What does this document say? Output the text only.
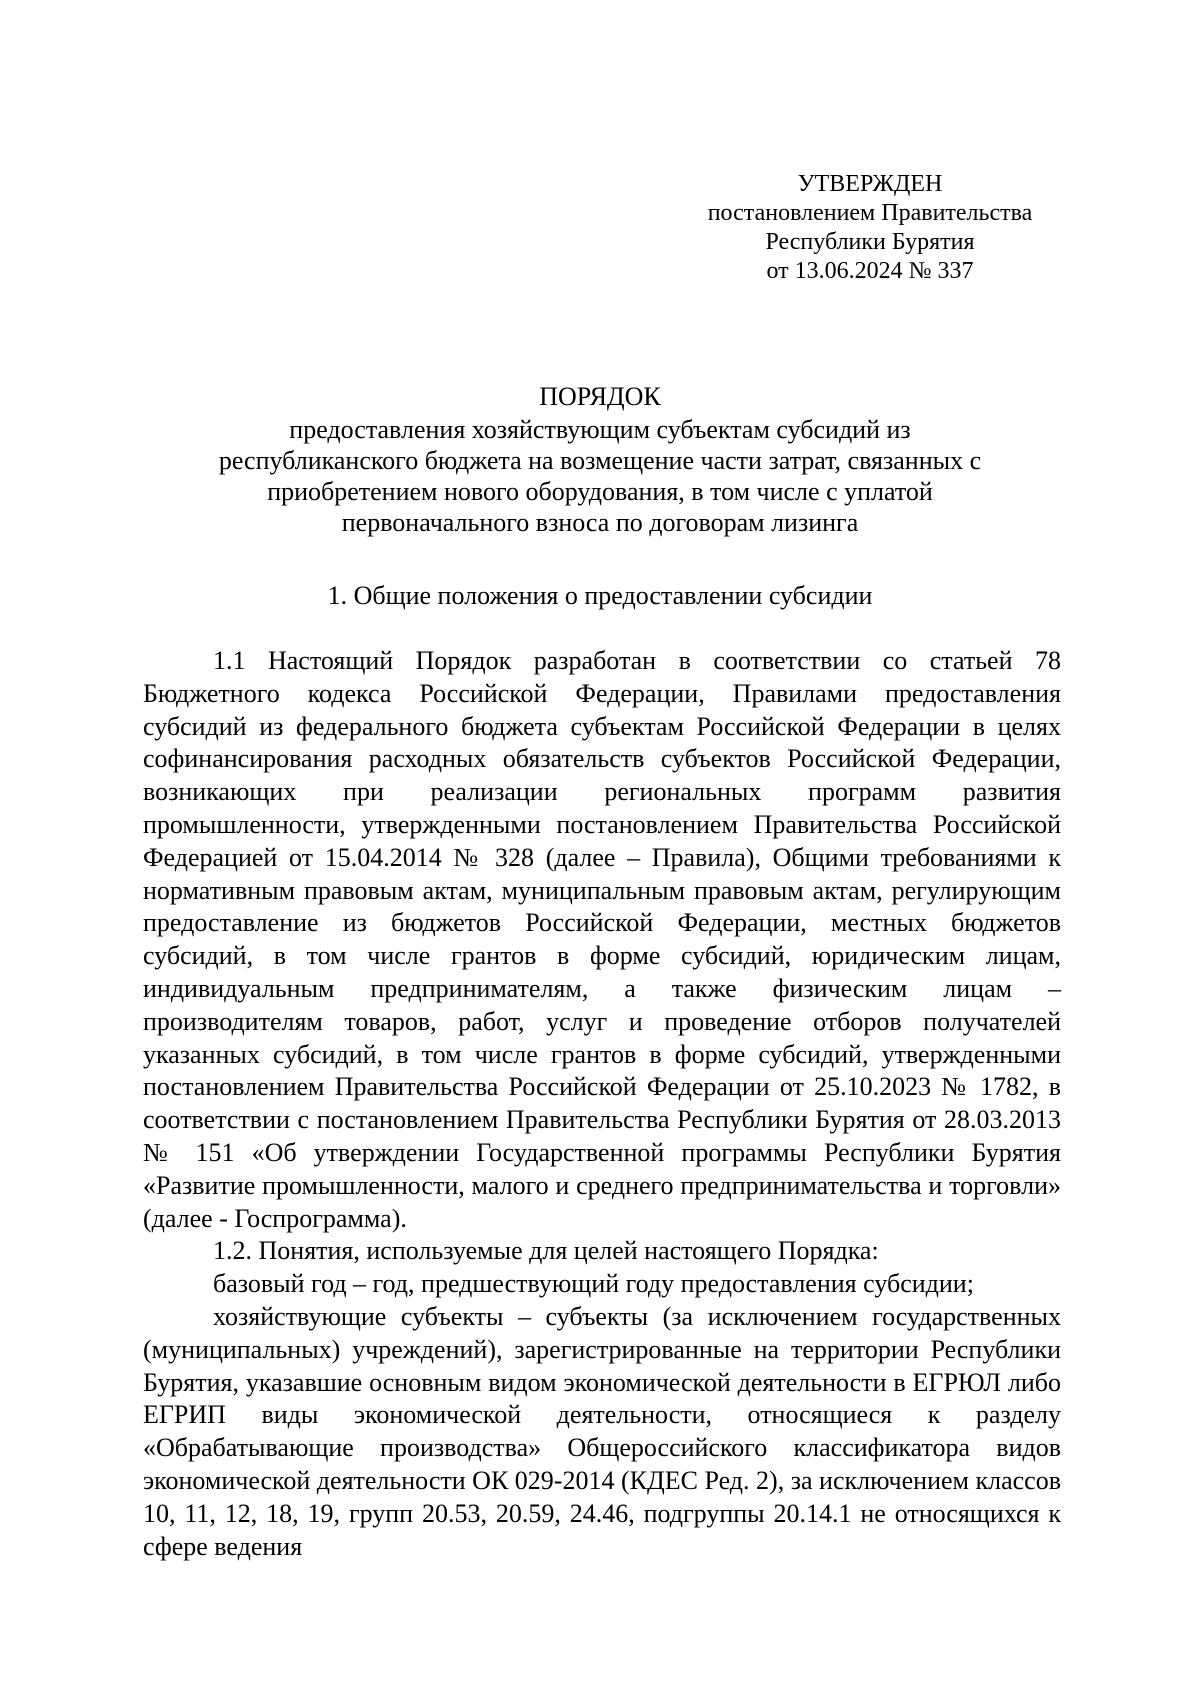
УТВЕРЖДЕН
постановлением Правительства
Республики Бурятия
от 13.06.2024 № 337
ПОРЯДОК
предоставления хозяйствующим субъектам субсидий из
республиканского бюджета на возмещение части затрат, связанных с
приобретением нового оборудования, в том числе с уплатой
первоначального взноса по договорам лизинга
1. Общие положения о предоставлении субсидии

1.1 Настоящий Порядок разработан в соответствии со статьей 78 Бюджетного кодекса Российской Федерации, Правилами предоставления субсидий из федерального бюджета субъектам Российской Федерации в целях софинансирования расходных обязательств субъектов Российской Федерации, возникающих при реализации региональных программ развития промышленности, утвержденными постановлением Правительства Российской Федерацией от 15.04.2014 № 328 (далее – Правила), Общими требованиями к нормативным правовым актам, муниципальным правовым актам, регулирующим предоставление из бюджетов Российской Федерации, местных бюджетов субсидий, в том числе грантов в форме субсидий, юридическим лицам, индивидуальным предпринимателям, а также физическим лицам – производителям товаров, работ, услуг и проведение отборов получателей указанных субсидий, в том числе грантов в форме субсидий, утвержденными постановлением Правительства Российской Федерации от 25.10.2023 № 1782, в соответствии с постановлением Правительства Республики Бурятия от 28.03.2013 № 151 «Об утверждении Государственной программы Республики Бурятия «Развитие промышленности, малого и среднего предпринимательства и торговли» (далее - Госпрограмма).

1.2. Понятия, используемые для целей настоящего Порядка:

базовый год – год, предшествующий году предоставления субсидии;

хозяйствующие субъекты – субъекты (за исключением государственных (муниципальных) учреждений), зарегистрированные на территории Республики Бурятия, указавшие основным видом экономической деятельности в ЕГРЮЛ либо ЕГРИП виды экономической деятельности, относящиеся к разделу «Обрабатывающие производства» Общероссийского классификатора видов экономической деятельности ОК 029-2014 (КДЕС Ред. 2), за исключением классов 10, 11, 12, 18, 19, групп 20.53, 20.59, 24.46, подгруппы 20.14.1 не относящихся к сфере ведения
